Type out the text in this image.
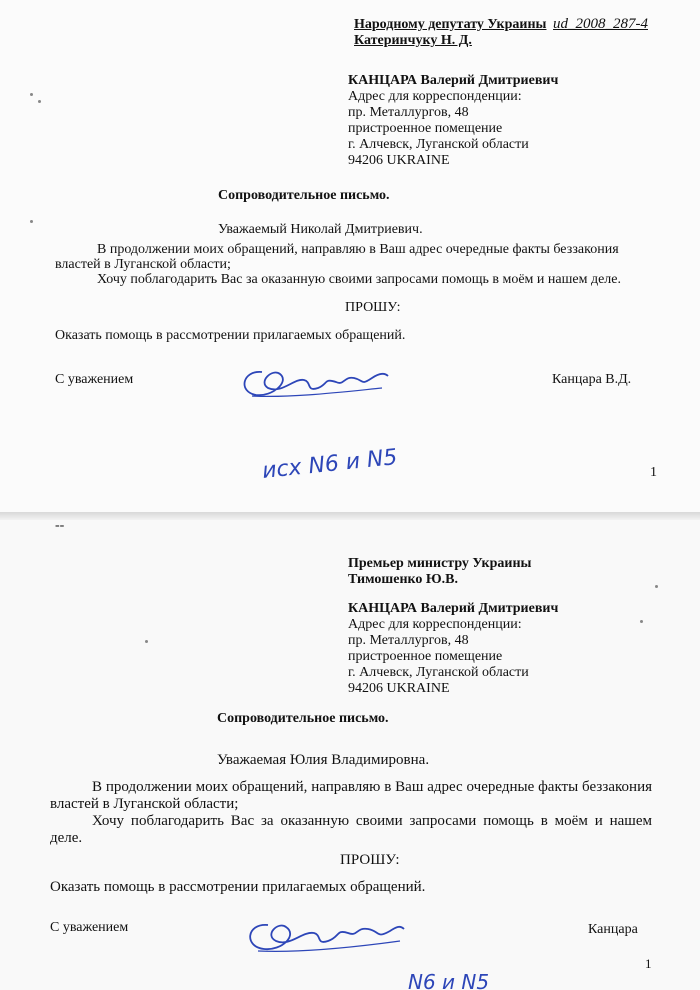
Народному депутату Украины ud_2008_287-4
Катеринчуку Н. Д.
КАНЦАРА Валерий Дмитриевич
Адрес для корреспонденции:
пр. Металлургов, 48
пристроенное помещение
г. Алчевск, Луганской области
94206 UKRAINE
Сопроводительное письмо.
Уважаемый Николай Дмитриевич.
В продолжении моих обращений, направляю в Ваш адрес очередные факты беззакония
властей в Луганской области;
Хочу поблагодарить Вас за оказанную своими запросами помощь в моём и нашем деле.
ПРОШУ:
Оказать помощь в рассмотрении прилагаемых обращений.
С уважением	Канцара В.Д.
исх N6 и N5	1
--
Премьер министру Украины
Тимошенко Ю.В.
КАНЦАРА Валерий Дмитриевич
Адрес для корреспонденции:
пр. Металлургов, 48
пристроенное помещение
г. Алчевск, Луганской области
94206 UKRAINE
Сопроводительное письмо.
Уважаемая Юлия Владимировна.
В продолжении моих обращений, направляю в Ваш адрес очередные факты беззакония властей в Луганской области;
Хочу поблагодарить Вас за оказанную своими запросами помощь в моём и нашем деле.
ПРОШУ:
Оказать помощь в рассмотрении прилагаемых обращений.
С уважением	Канцара
N6 и N5
1
